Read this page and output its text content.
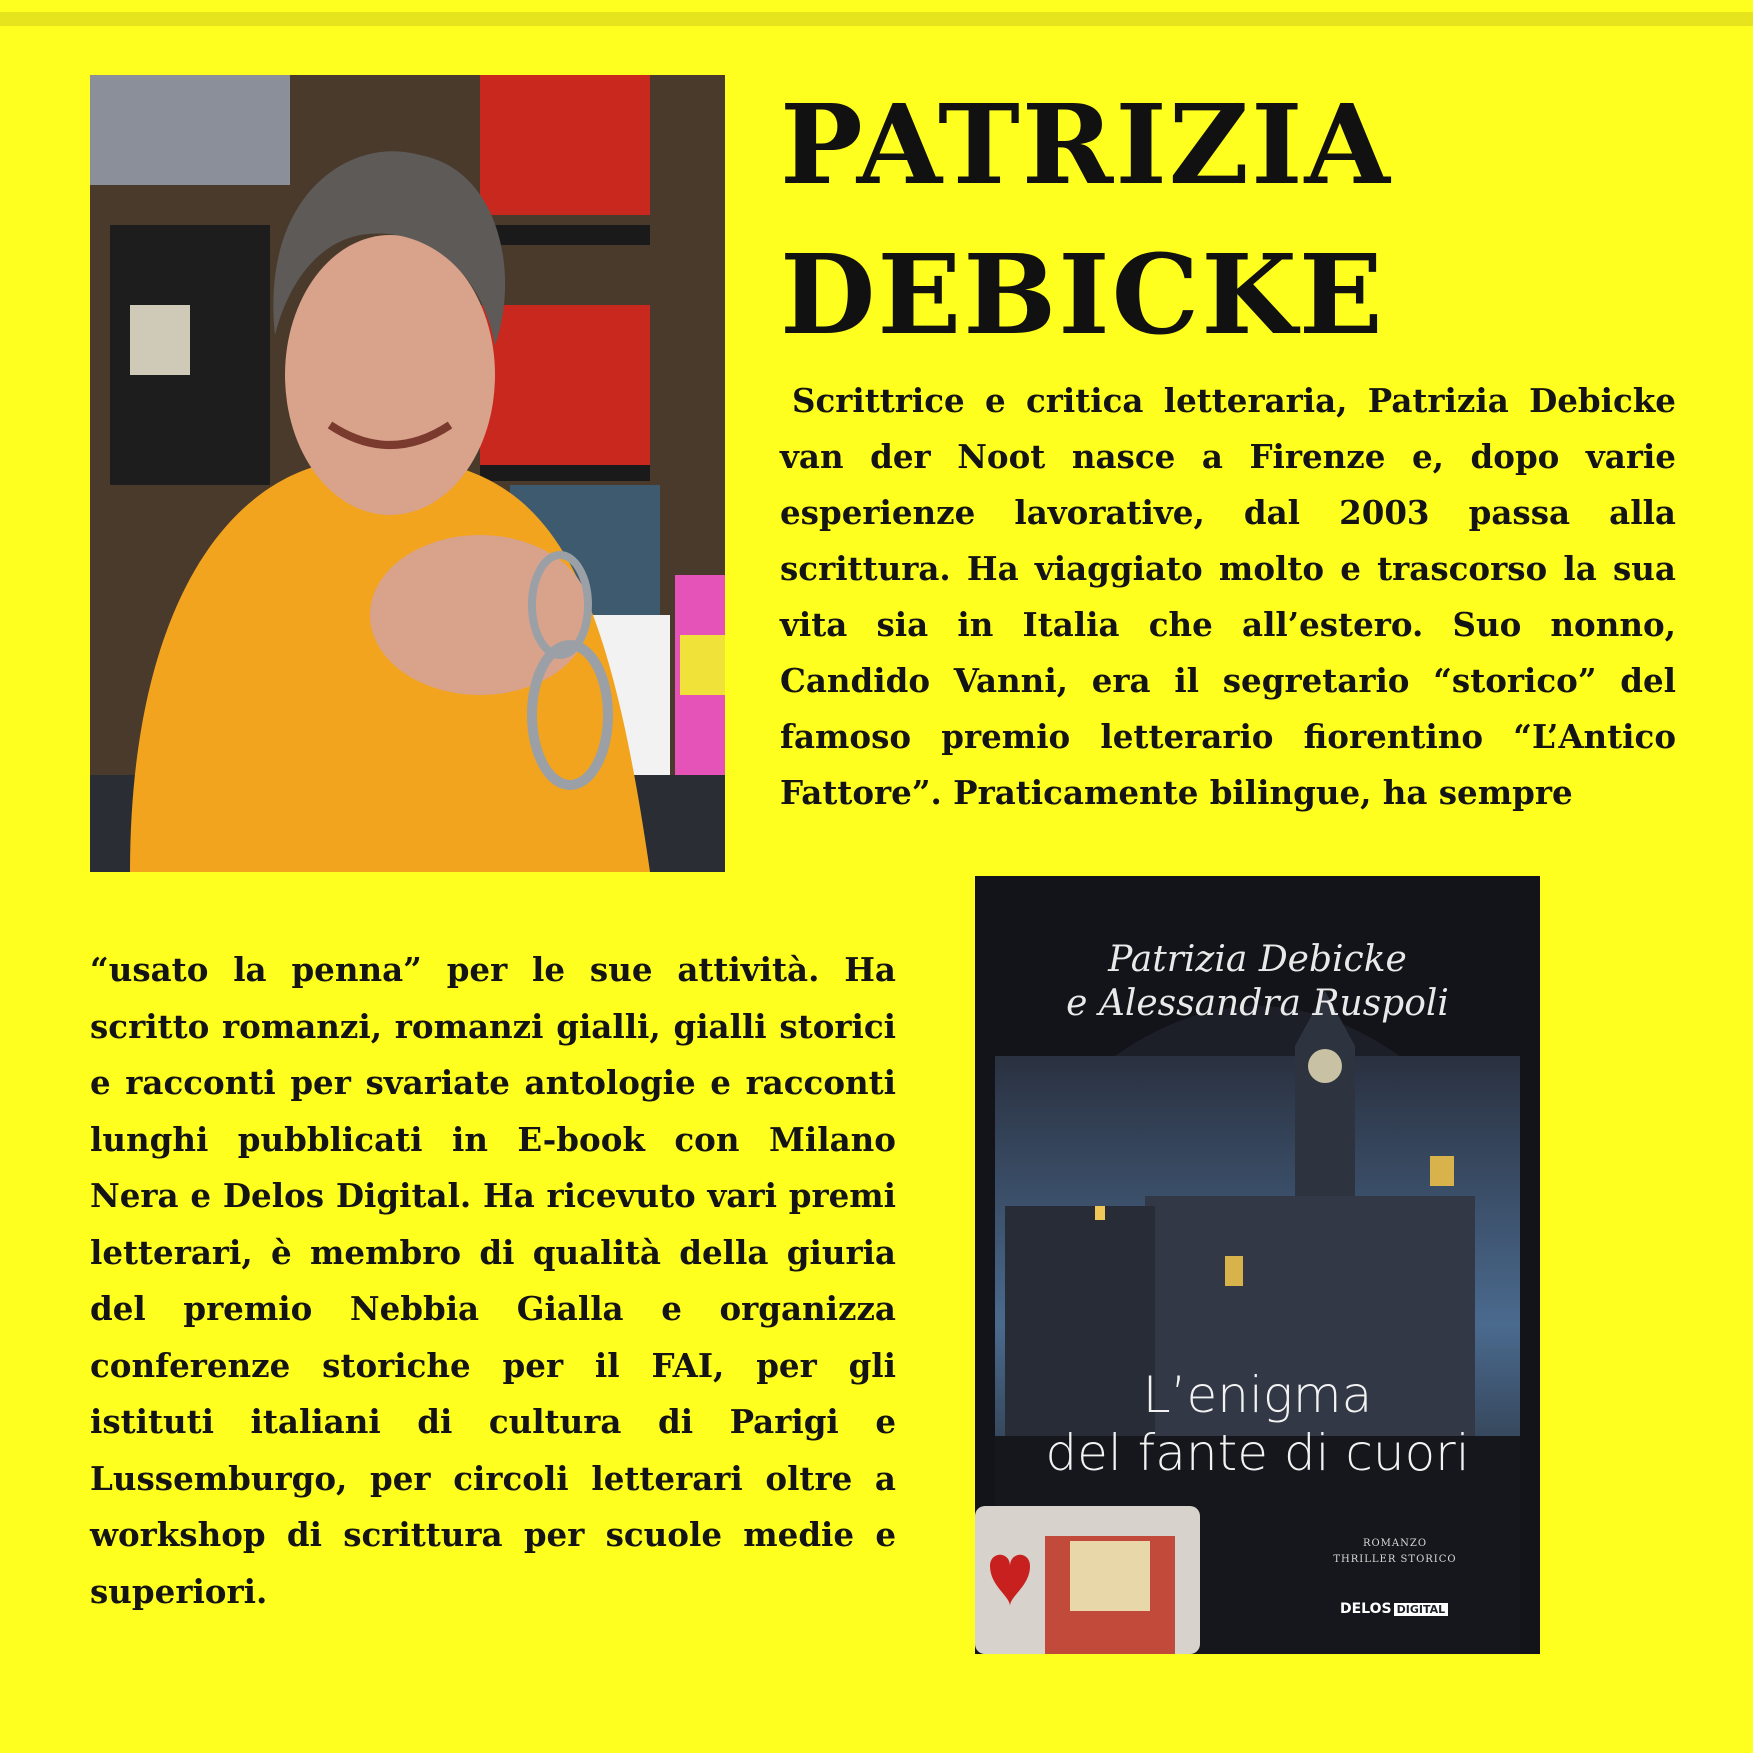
PATRIZIA
DEBICKE

Scrittrice e critica letteraria, Patrizia Debicke van der Noot nasce a Firenze e, dopo varie esperienze lavorative, dal 2003 passa alla scrittura. Ha viaggiato molto e trascorso la sua vita sia in Italia che all’estero. Suo nonno, Candido Vanni, era il segretario “storico” del famoso premio letterario fiorentino “L’Antico Fattore”. Praticamente bilingue, ha sempre

“usato la penna” per le sue attività. Ha scritto romanzi, romanzi gialli, gialli storici e racconti per svariate antologie e racconti lunghi pubblicati in E-book con Milano Nera e Delos Digital. Ha ricevuto vari premi letterari, è membro di qualità della giuria del premio Nebbia Gialla e organizza conferenze storiche per il FAI, per gli istituti italiani di cultura di Parigi e Lussemburgo, per circoli letterari oltre a workshop di scrittura per scuole medie e superiori.

Patrizia Debicke
e Alessandra Ruspoli
L’enigma
del fante di cuori
ROMANZO
THRILLER STORICO
DELOS DIGITAL
